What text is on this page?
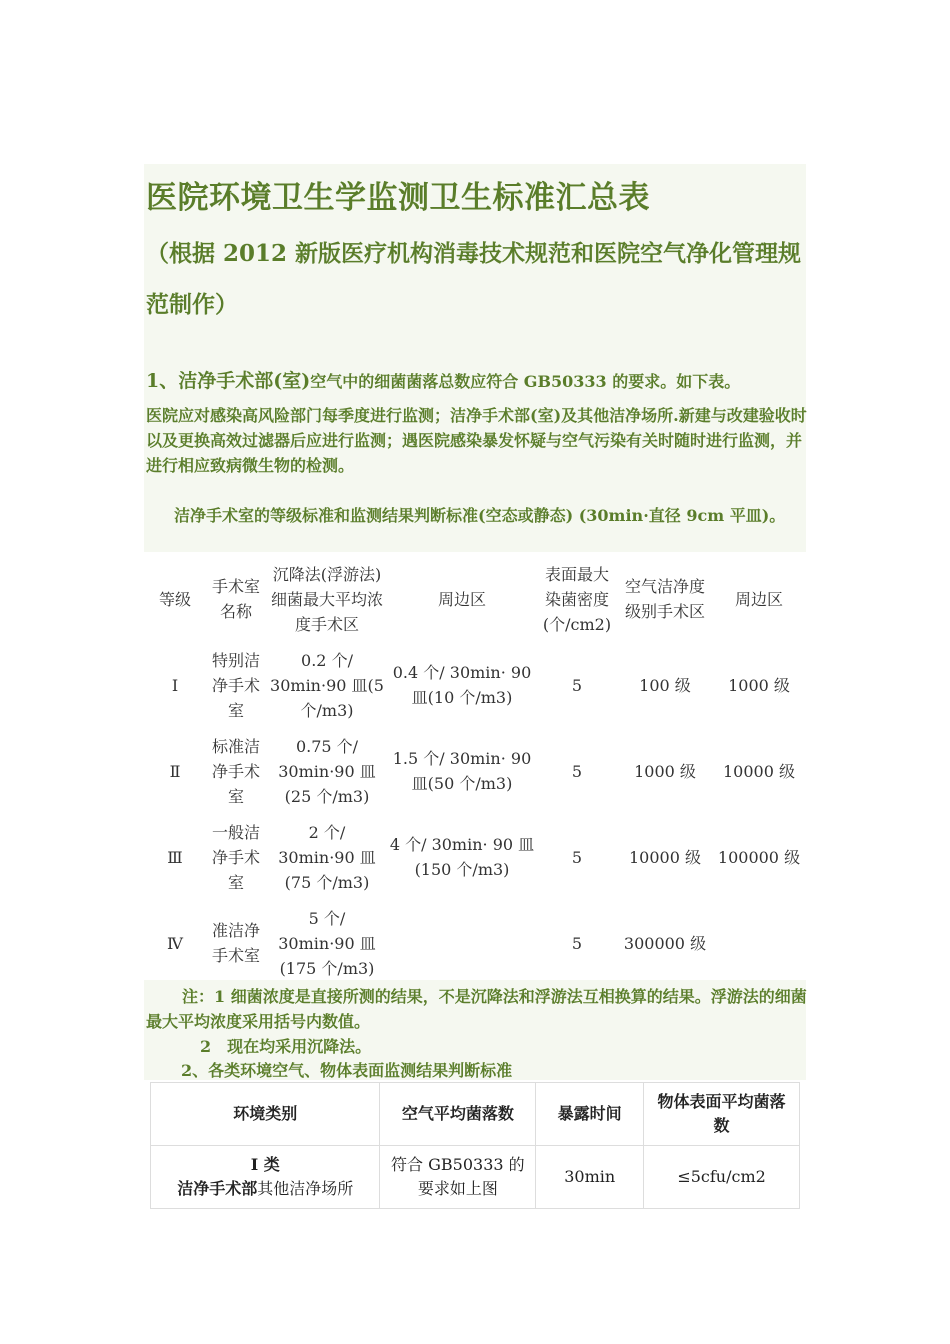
医院环境卫生学监测卫生标准汇总表
（根据 2012 新版医疗机构消毒技术规范和医院空气净化管理规范制作）
1、洁净手术部(室)空气中的细菌菌落总数应符合 GB50333 的要求。如下表。
医院应对感染高风险部门每季度进行监测；洁净手术部(室)及其他洁净场所.新建与改建验收时以及更换高效过滤器后应进行监测；遇医院感染暴发怀疑与空气污染有关时随时进行监测，并进行相应致病微生物的检测。
洁净手术室的等级标准和监测结果判断标准(空态或静态) (30min·直径 9cm 平皿)。
等级	手术室名称	沉降法(浮游法)细菌最大平均浓度手术区	周边区	表面最大染菌密度(个/cm2)	空气洁净度级别手术区	周边区
Ⅰ	特别洁净手术室	0.2 个/ 30min·90 皿(5 个/m3)	0.4 个/ 30min· 90 皿(10 个/m3)	5	100 级	1000 级
Ⅱ	标准洁净手术室	0.75 个/ 30min·90 皿(25 个/m3)	1.5 个/ 30min· 90 皿(50 个/m3)	5	1000 级	10000 级
Ⅲ	一般洁净手术室	2 个/ 30min·90 皿(75 个/m3)	4 个/ 30min· 90 皿(150 个/m3)	5	10000 级	100000 级
Ⅳ	准洁净手术室	5 个/ 30min·90 皿(175 个/m3)		5	300000 级	
注：1 细菌浓度是直接所测的结果，不是沉降法和浮游法互相换算的结果。浮游法的细菌最大平均浓度采用括号内数值。
2　现在均采用沉降法。
2、各类环境空气、物体表面监测结果判断标准
环境类别	空气平均菌落数	暴露时间	物体表面平均菌落数

Ⅰ 类
洁净手术部其他洁净场所	符合 GB50333 的要求如上图	30min	≤5cfu/cm2
